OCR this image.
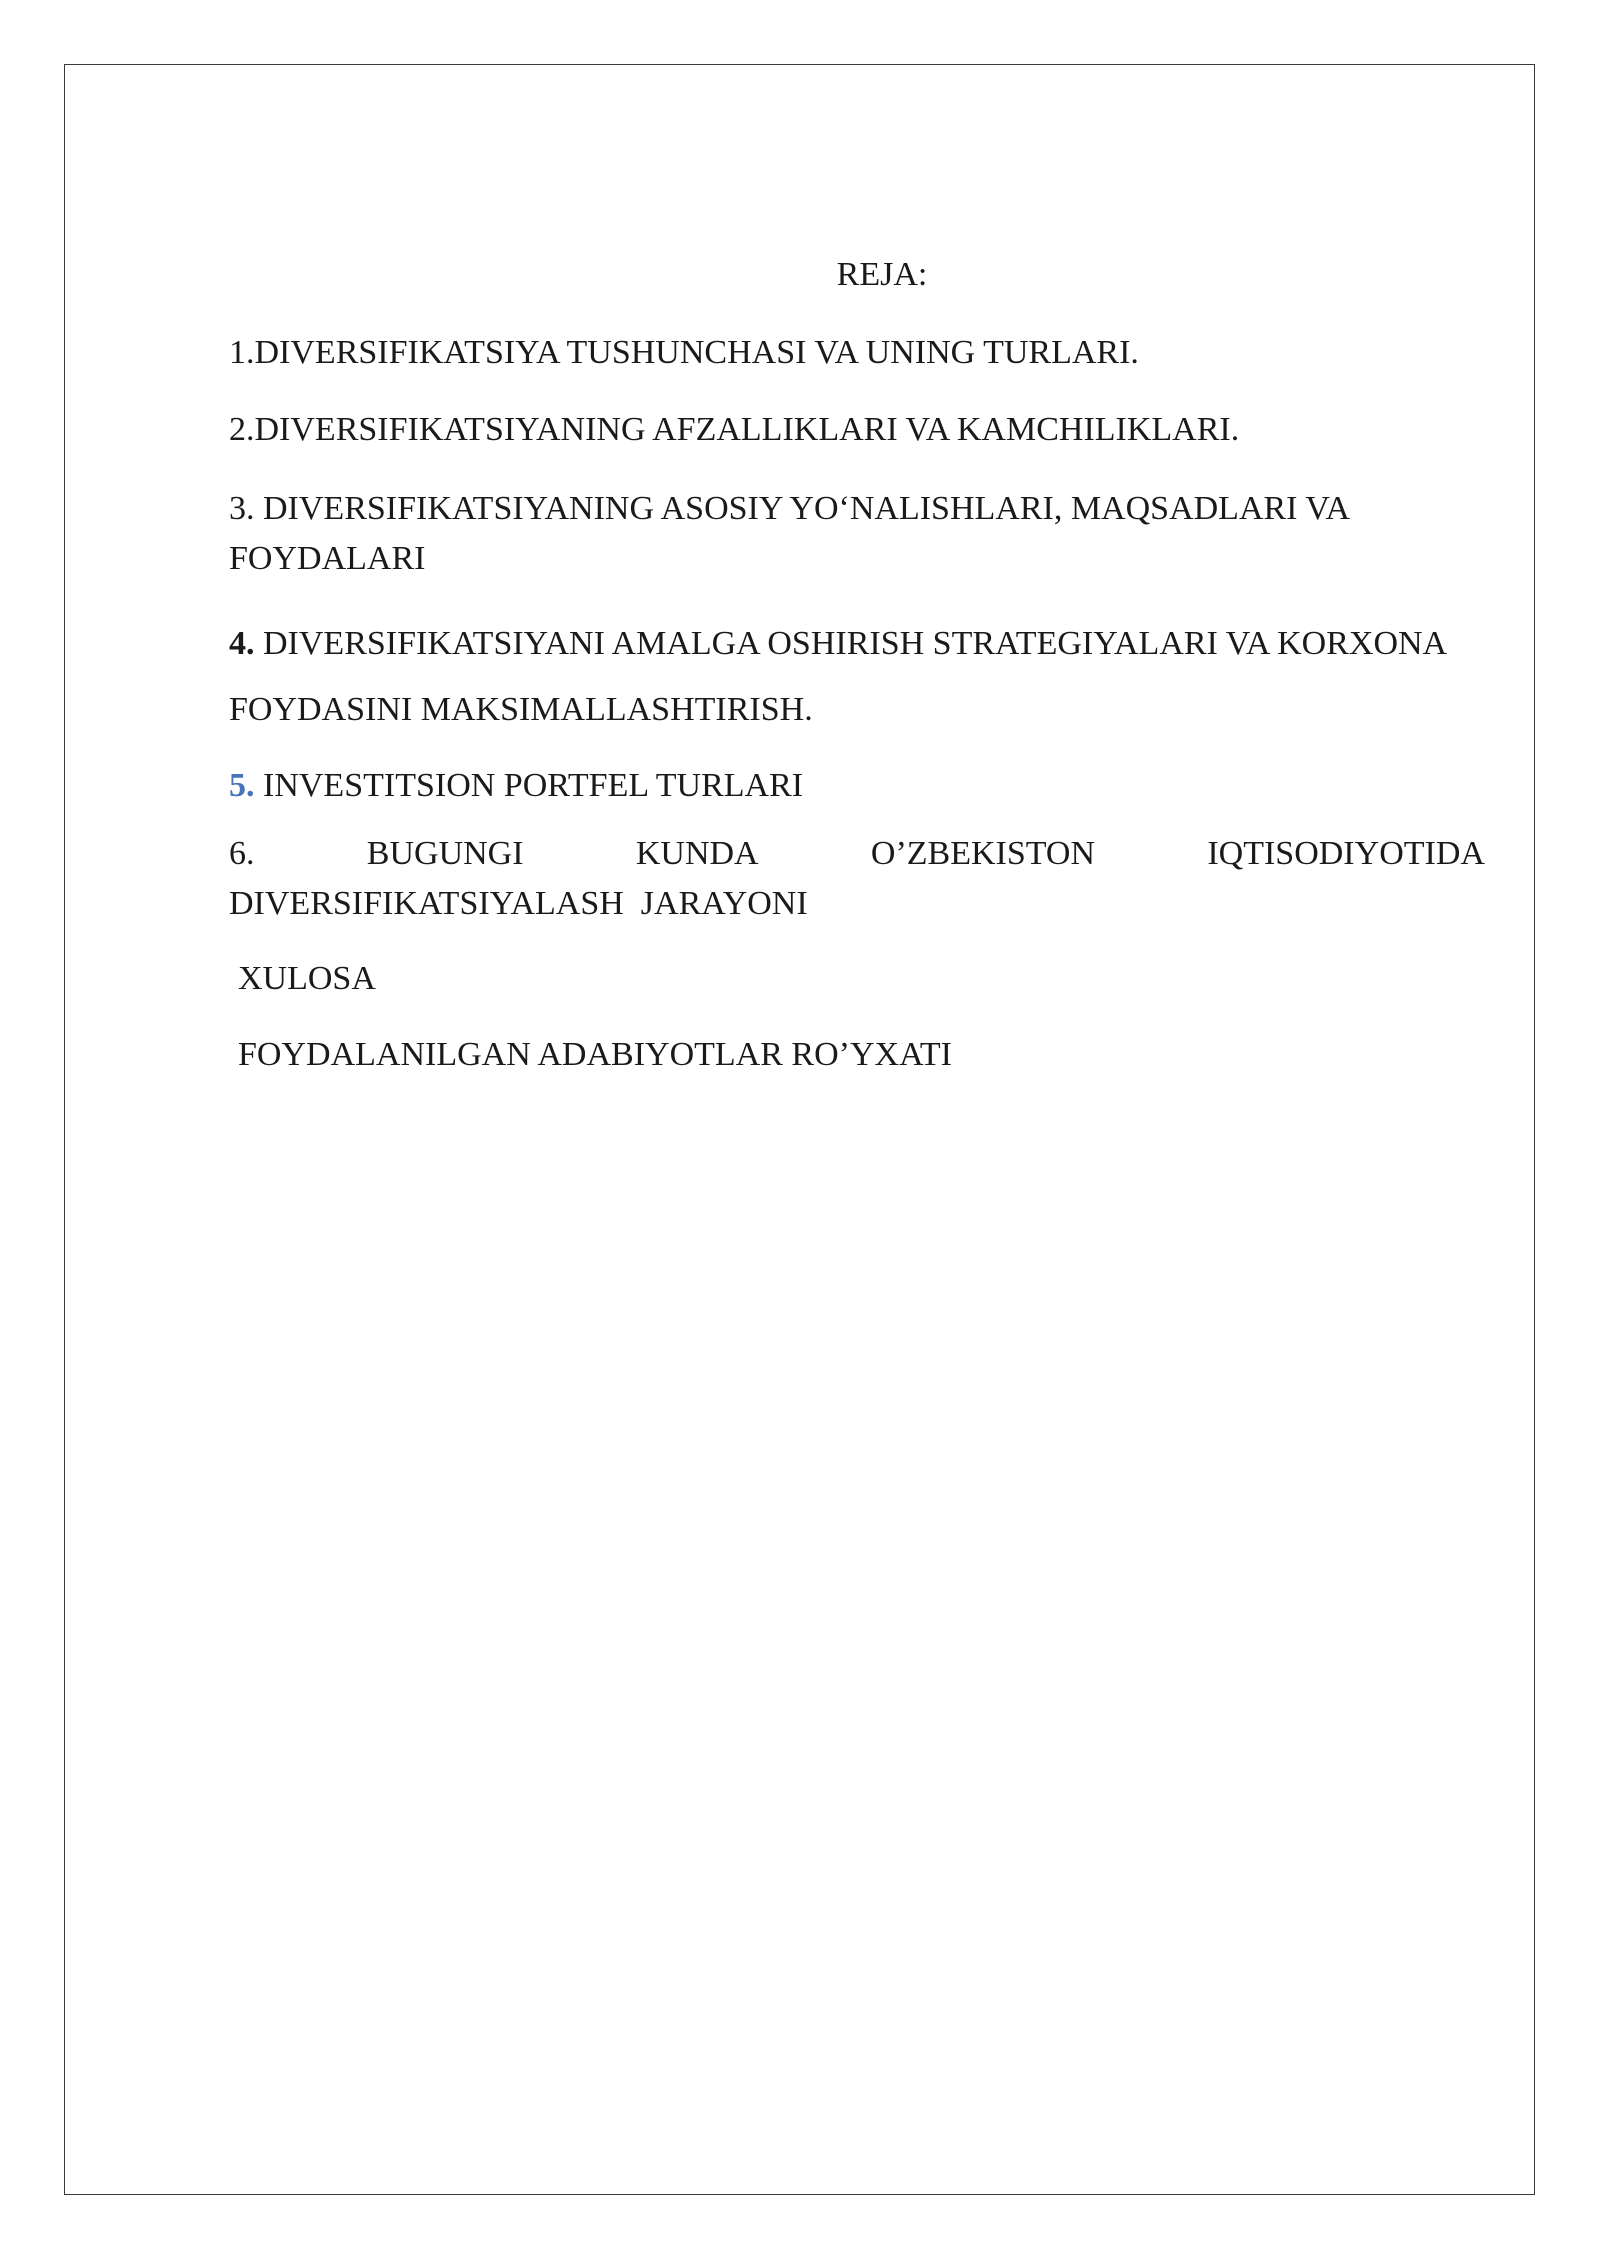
REJA:

1.DIVERSIFIKATSIYA TUSHUNCHASI VA UNING TURLARI.

2.DIVERSIFIKATSIYANING AFZALLIKLARI VA KAMCHILIKLARI.

3. DIVERSIFIKATSIYANING ASOSIY YO‘NALISHLARI, MAQSADLARI VA FOYDALARI

4. DIVERSIFIKATSIYANI AMALGA OSHIRISH STRATEGIYALARI VA KORXONA FOYDASINI MAKSIMALLASHTIRISH.

5. INVESTITSION PORTFEL TURLARI

6.	BUGUNGI	KUNDA	O’ZBEKISTON	IQTISODIYOTIDA
DIVERSIFIKATSIYALASH  JARAYONI

XULOSA

FOYDALANILGAN ADABIYOTLAR RO’YXATI
